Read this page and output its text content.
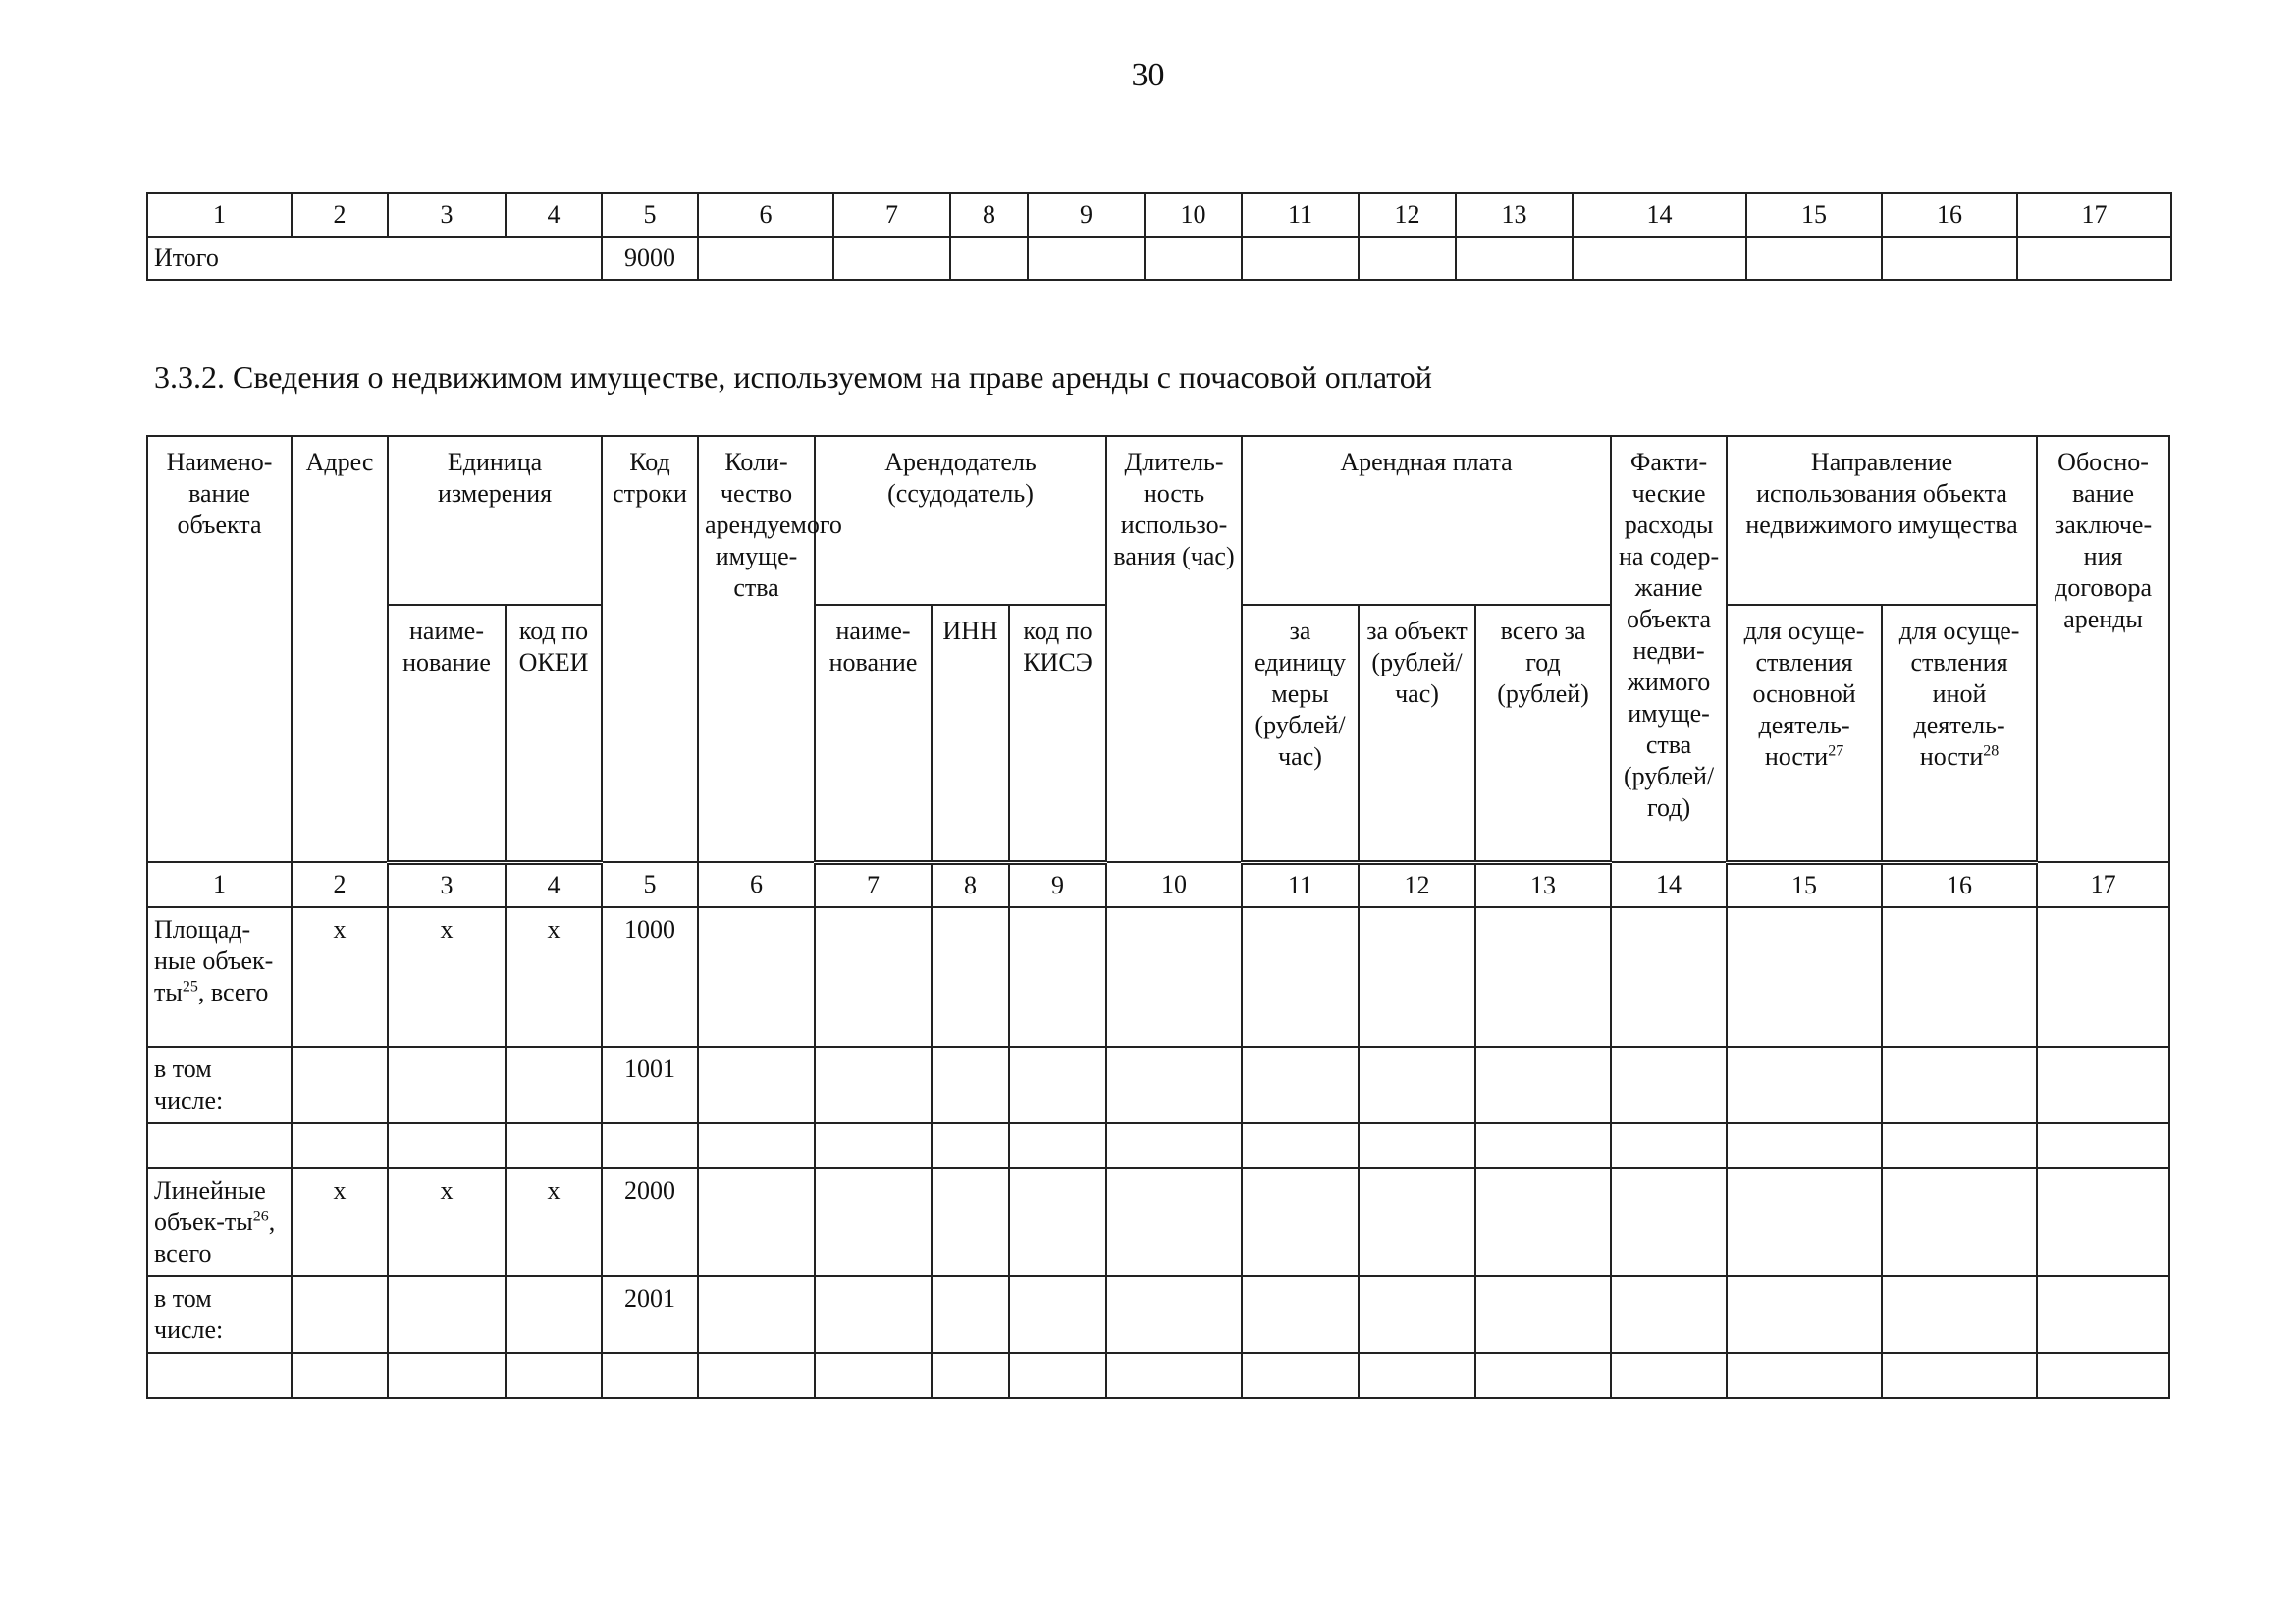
30
1	2	3	4	5	6	7	8	9	10	11	12	13	14	15	16	17
Итого				9000												
3.3.2. Сведения о недвижимом имуществе, используемом на праве аренды с почасовой оплатой
Наимено-вание объекта	Адрес	Единица измерения		Код строки	Коли-чество арендуемого имуще-ства	Арендодатель (ссудодатель)			Длитель-ность использо-вания (час)	Арендная плата			Факти-ческие расходы на содер-жание объекта недви-жимого имуще-ства (рублей/ год)	Направление использования объекта недвижимого имущества		Обосно-вание заключе-ния договора аренды
		наиме-нование	код по ОКЕИ			наиме-нование	ИНН	код по КИСЭ		за единицу меры (рублей/ час)	за объект (рублей/ час)	всего за год (рублей)		для осуще-ствления основной деятель-ности$^{27}$	для осуще-ствления иной деятель-ности$^{28}$
1	2	3	4	5	6	7	8	9	10	11	12	13	14	15	16	17
Площад-ные объек-$ты^{25}$, всего	х	х	х	1000												
в том числе:				1001												

Линейные объек-$ты^{26}$, всего	х	х	х	2000												
в том числе:				2001												
